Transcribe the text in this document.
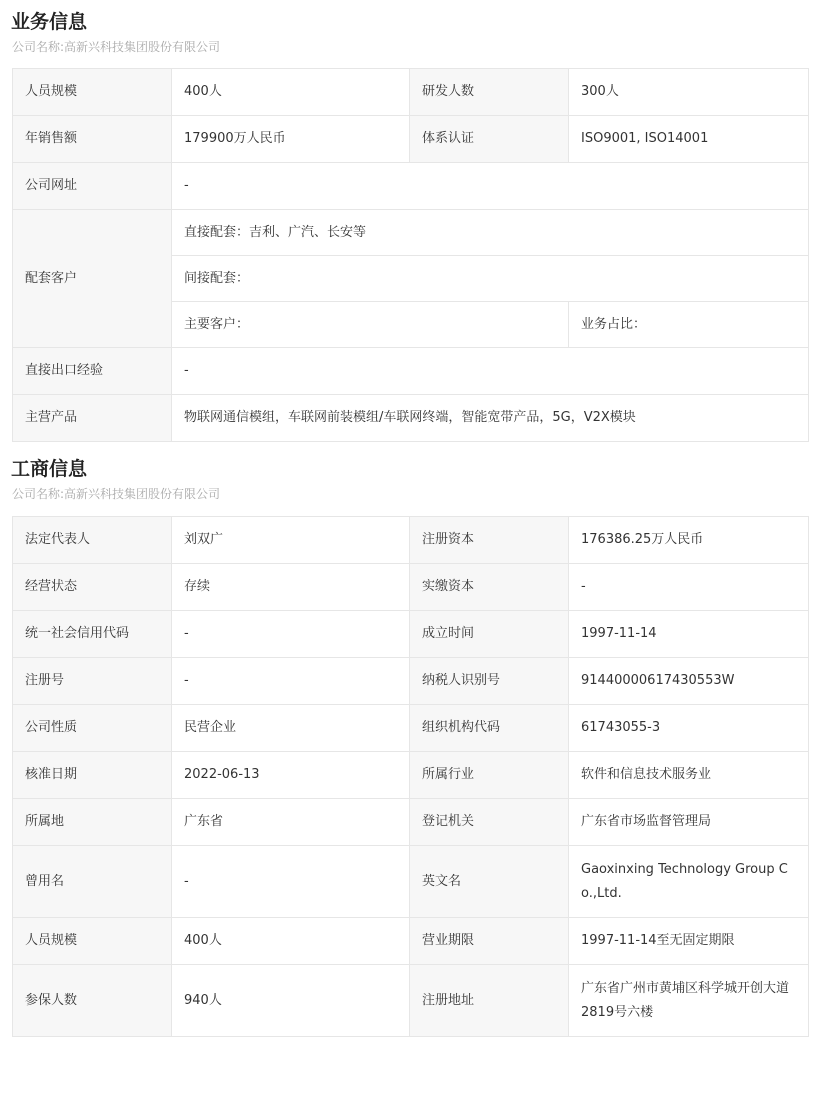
业务信息
公司名称:高新兴科技集团股份有限公司
人员规模	400人	研发人数	300人
年销售额	179900万人民币	体系认证	ISO9001, ISO14001
公司网址	-		
配套客户	直接配套：吉利、广汽、长安等		
	间接配套：		
	主要客户：		业务占比：
直接出口经验	-		
主营产品	物联网通信模组，车联网前装模组/车联网终端，智能宽带产品，5G，V2X模块		
工商信息
公司名称:高新兴科技集团股份有限公司
法定代表人	刘双广	注册资本	176386.25万人民币
经营状态	存续	实缴资本	-
统一社会信用代码	-	成立时间	1997-11-14
注册号	-	纳税人识别号	91440000617430553W
公司性质	民营企业	组织机构代码	61743055-3
核准日期	2022-06-13	所属行业	软件和信息技术服务业
所属地	广东省	登记机关	广东省市场监督管理局
曾用名	-	英文名	Gaoxinxing Technology Group Co.,Ltd.
人员规模	400人	营业期限	1997-11-14至无固定期限
参保人数	940人	注册地址	广东省广州市黄埔区科学城开创大道2819号六楼
